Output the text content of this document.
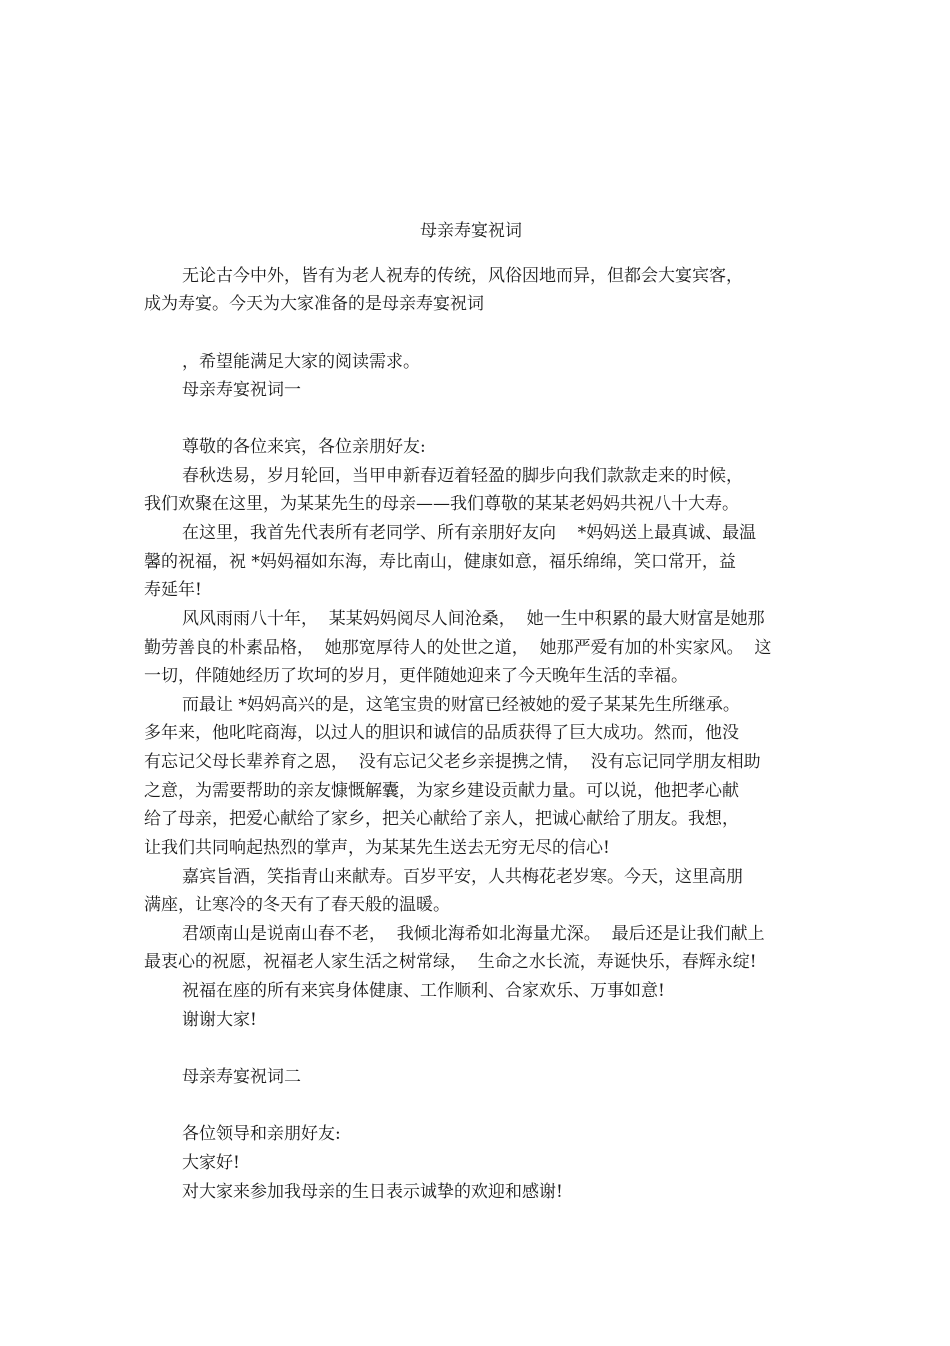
母亲寿宴祝词

无论古今中外，皆有为老人祝寿的传统，风俗因地而异，但都会大宴宾客，

成为寿宴。今天为大家准备的是母亲寿宴祝词

，希望能满足大家的阅读需求。

母亲寿宴祝词一

尊敬的各位来宾，各位亲朋好友:

春秋迭易，岁月轮回，当甲申新春迈着轻盈的脚步向我们款款走来的时候，

我们欢聚在这里，为某某先生的母亲——我们尊敬的某某老妈妈共祝八十大寿。

在这里，我首先代表所有老同学、所有亲朋好友向    *妈妈送上最真诚、最温

馨的祝福，祝 *妈妈福如东海，寿比南山，健康如意，福乐绵绵，笑口常开，益

寿延年!

风风雨雨八十年，  某某妈妈阅尽人间沧桑，  她一生中积累的最大财富是她那

勤劳善良的朴素品格，  她那宽厚待人的处世之道，  她那严爱有加的朴实家风。  这

一切，伴随她经历了坎坷的岁月，更伴随她迎来了今天晚年生活的幸福。

而最让 *妈妈高兴的是，这笔宝贵的财富已经被她的爱子某某先生所继承。

多年来，他叱咤商海，以过人的胆识和诚信的品质获得了巨大成功。然而，他没

有忘记父母长辈养育之恩，  没有忘记父老乡亲提携之情，  没有忘记同学朋友相助

之意，为需要帮助的亲友慷慨解囊，为家乡建设贡献力量。可以说，他把孝心献

给了母亲，把爱心献给了家乡，把关心献给了亲人，把诚心献给了朋友。我想，

让我们共同响起热烈的掌声，为某某先生送去无穷无尽的信心!

嘉宾旨酒，笑指青山来献寿。百岁平安，人共梅花老岁寒。今天，这里高朋

满座，让寒冷的冬天有了春天般的温暖。

君颂南山是说南山春不老，  我倾北海希如北海量尤深。  最后还是让我们献上

最衷心的祝愿，祝福老人家生活之树常绿，  生命之水长流，寿诞快乐，春辉永绽!

祝福在座的所有来宾身体健康、工作顺利、合家欢乐、万事如意!

谢谢大家!

母亲寿宴祝词二

各位领导和亲朋好友:

大家好!

对大家来参加我母亲的生日表示诚挚的欢迎和感谢!
